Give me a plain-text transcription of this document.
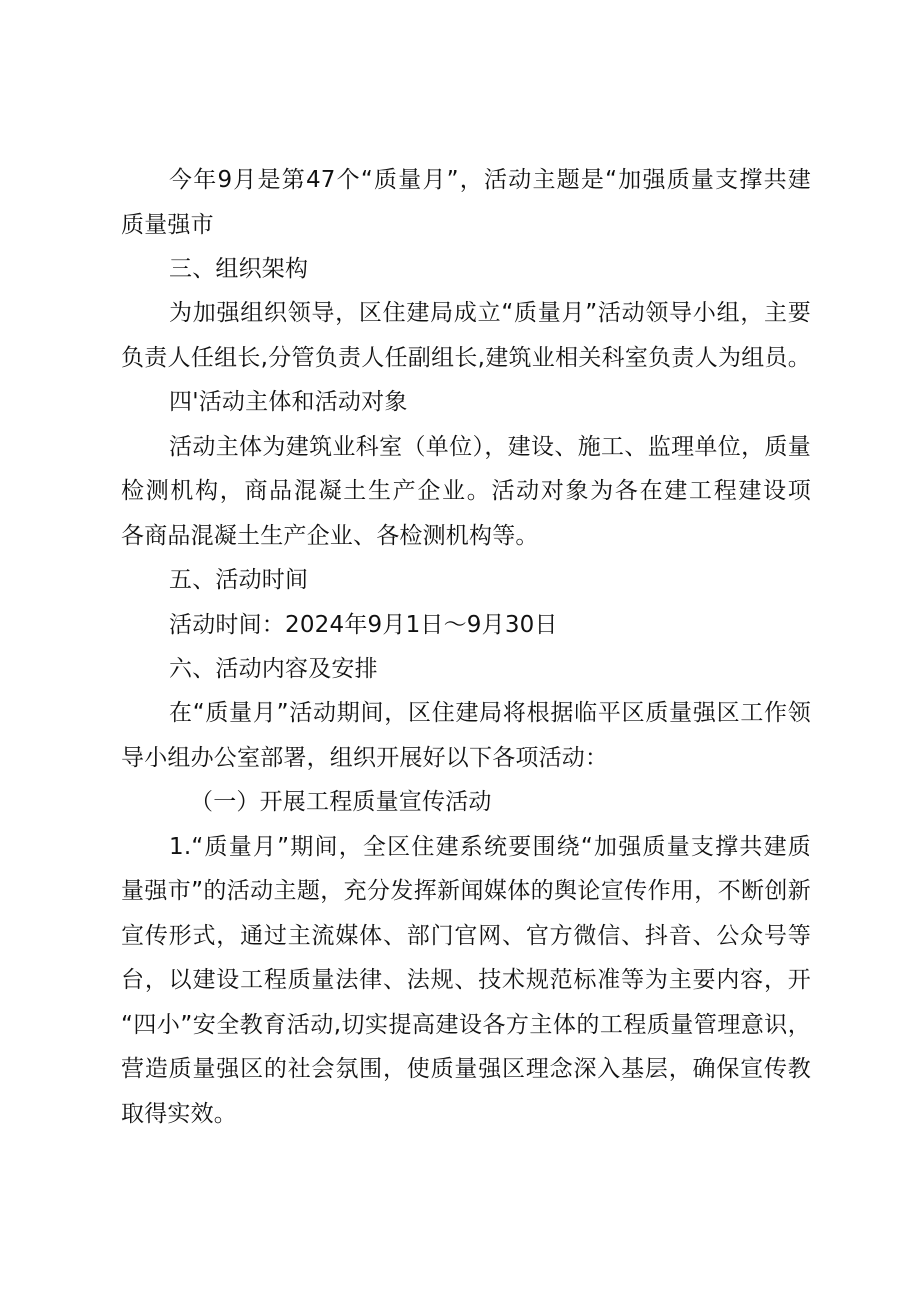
今年9月是第47个“质量月”，活动主题是“加强质量支撑共建
质量强市
三、组织架构
为加强组织领导，区住建局成立“质量月”活动领导小组，主要
负责人任组长,分管负责人任副组长,建筑业相关科室负责人为组员。
四'活动主体和活动对象
活动主体为建筑业科室（单位），建设、施工、监理单位，质量
检测机构，商品混凝土生产企业。活动对象为各在建工程建设项
各商品混凝土生产企业、各检测机构等。
五、活动时间
活动时间：2024年9月1日〜9月30日
六、活动内容及安排
在“质量月”活动期间，区住建局将根据临平区质量强区工作领
导小组办公室部署，组织开展好以下各项活动：
（一）开展工程质量宣传活动
1.“质量月”期间，全区住建系统要围绕“加强质量支撑共建质
量强市”的活动主题，充分发挥新闻媒体的舆论宣传作用，不断创新
宣传形式，通过主流媒体、部门官网、官方微信、抖音、公众号等
台，以建设工程质量法律、法规、技术规范标准等为主要内容，开
“四小”安全教育活动,切实提高建设各方主体的工程质量管理意识，
营造质量强区的社会氛围，使质量强区理念深入基层，确保宣传教
取得实效。
